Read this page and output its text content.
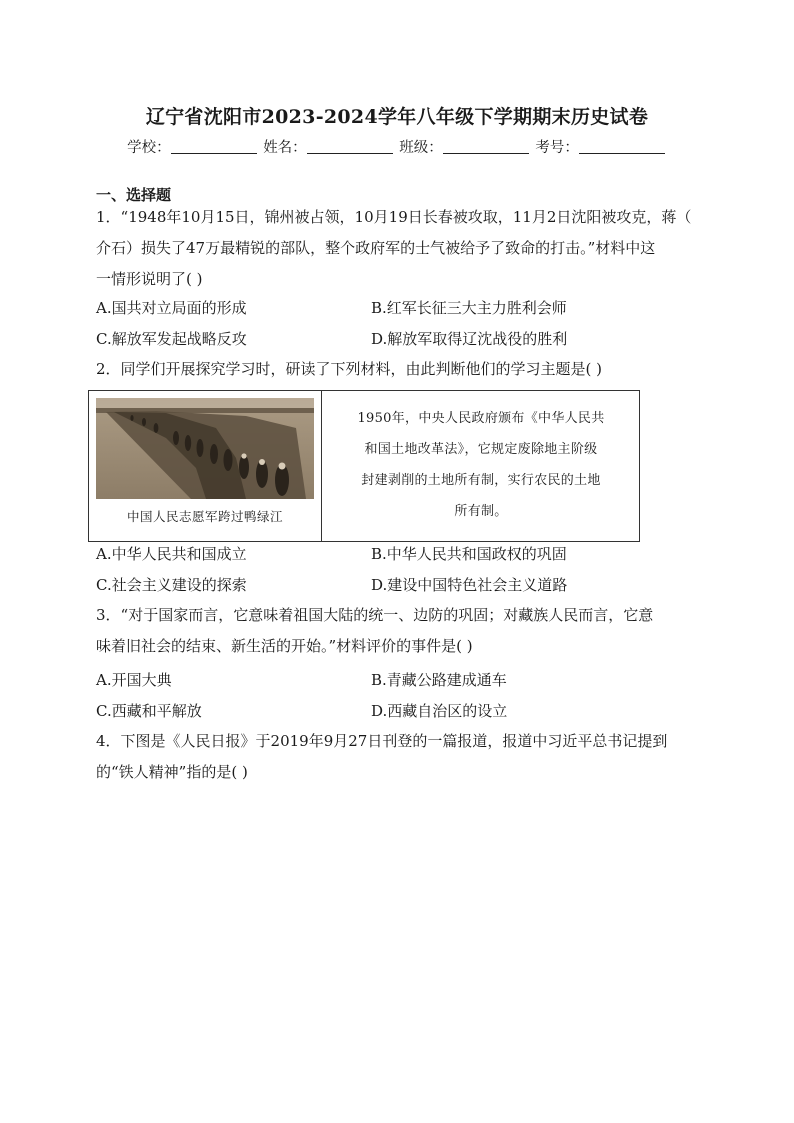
辽宁省沈阳市2023-2024学年八年级下学期期末历史试卷
学校：	姓名：	班级：	考号：
一、选择题
1．“1948年10月15日，锦州被占领，10月19日长春被攻取，11月2日沈阳被攻克，蒋（
介石）损失了47万最精锐的部队，整个政府军的士气被给予了致命的打击。”材料中这
一情形说明了( )
A.国共对立局面的形成	B.红军长征三大主力胜利会师
C.解放军发起战略反攻	D.解放军取得辽沈战役的胜利
2．同学们开展探究学习时，研读了下列材料，由此判断他们的学习主题是( )
中国人民志愿军跨过鸭绿江
1950年，中央人民政府颁布《中华人民共
和国土地改革法》，它规定废除地主阶级
封建剥削的土地所有制，实行农民的土地
所有制。
A.中华人民共和国成立	B.中华人民共和国政权的巩固
C.社会主义建设的探索	D.建设中国特色社会主义道路
3．“对于国家而言，它意味着祖国大陆的统一、边防的巩固；对藏族人民而言，它意
味着旧社会的结束、新生活的开始。”材料评价的事件是( )
A.开国大典	B.青藏公路建成通车
C.西藏和平解放	D.西藏自治区的设立
4．下图是《人民日报》于2019年9月27日刊登的一篇报道，报道中习近平总书记提到
的“铁人精神”指的是( )
